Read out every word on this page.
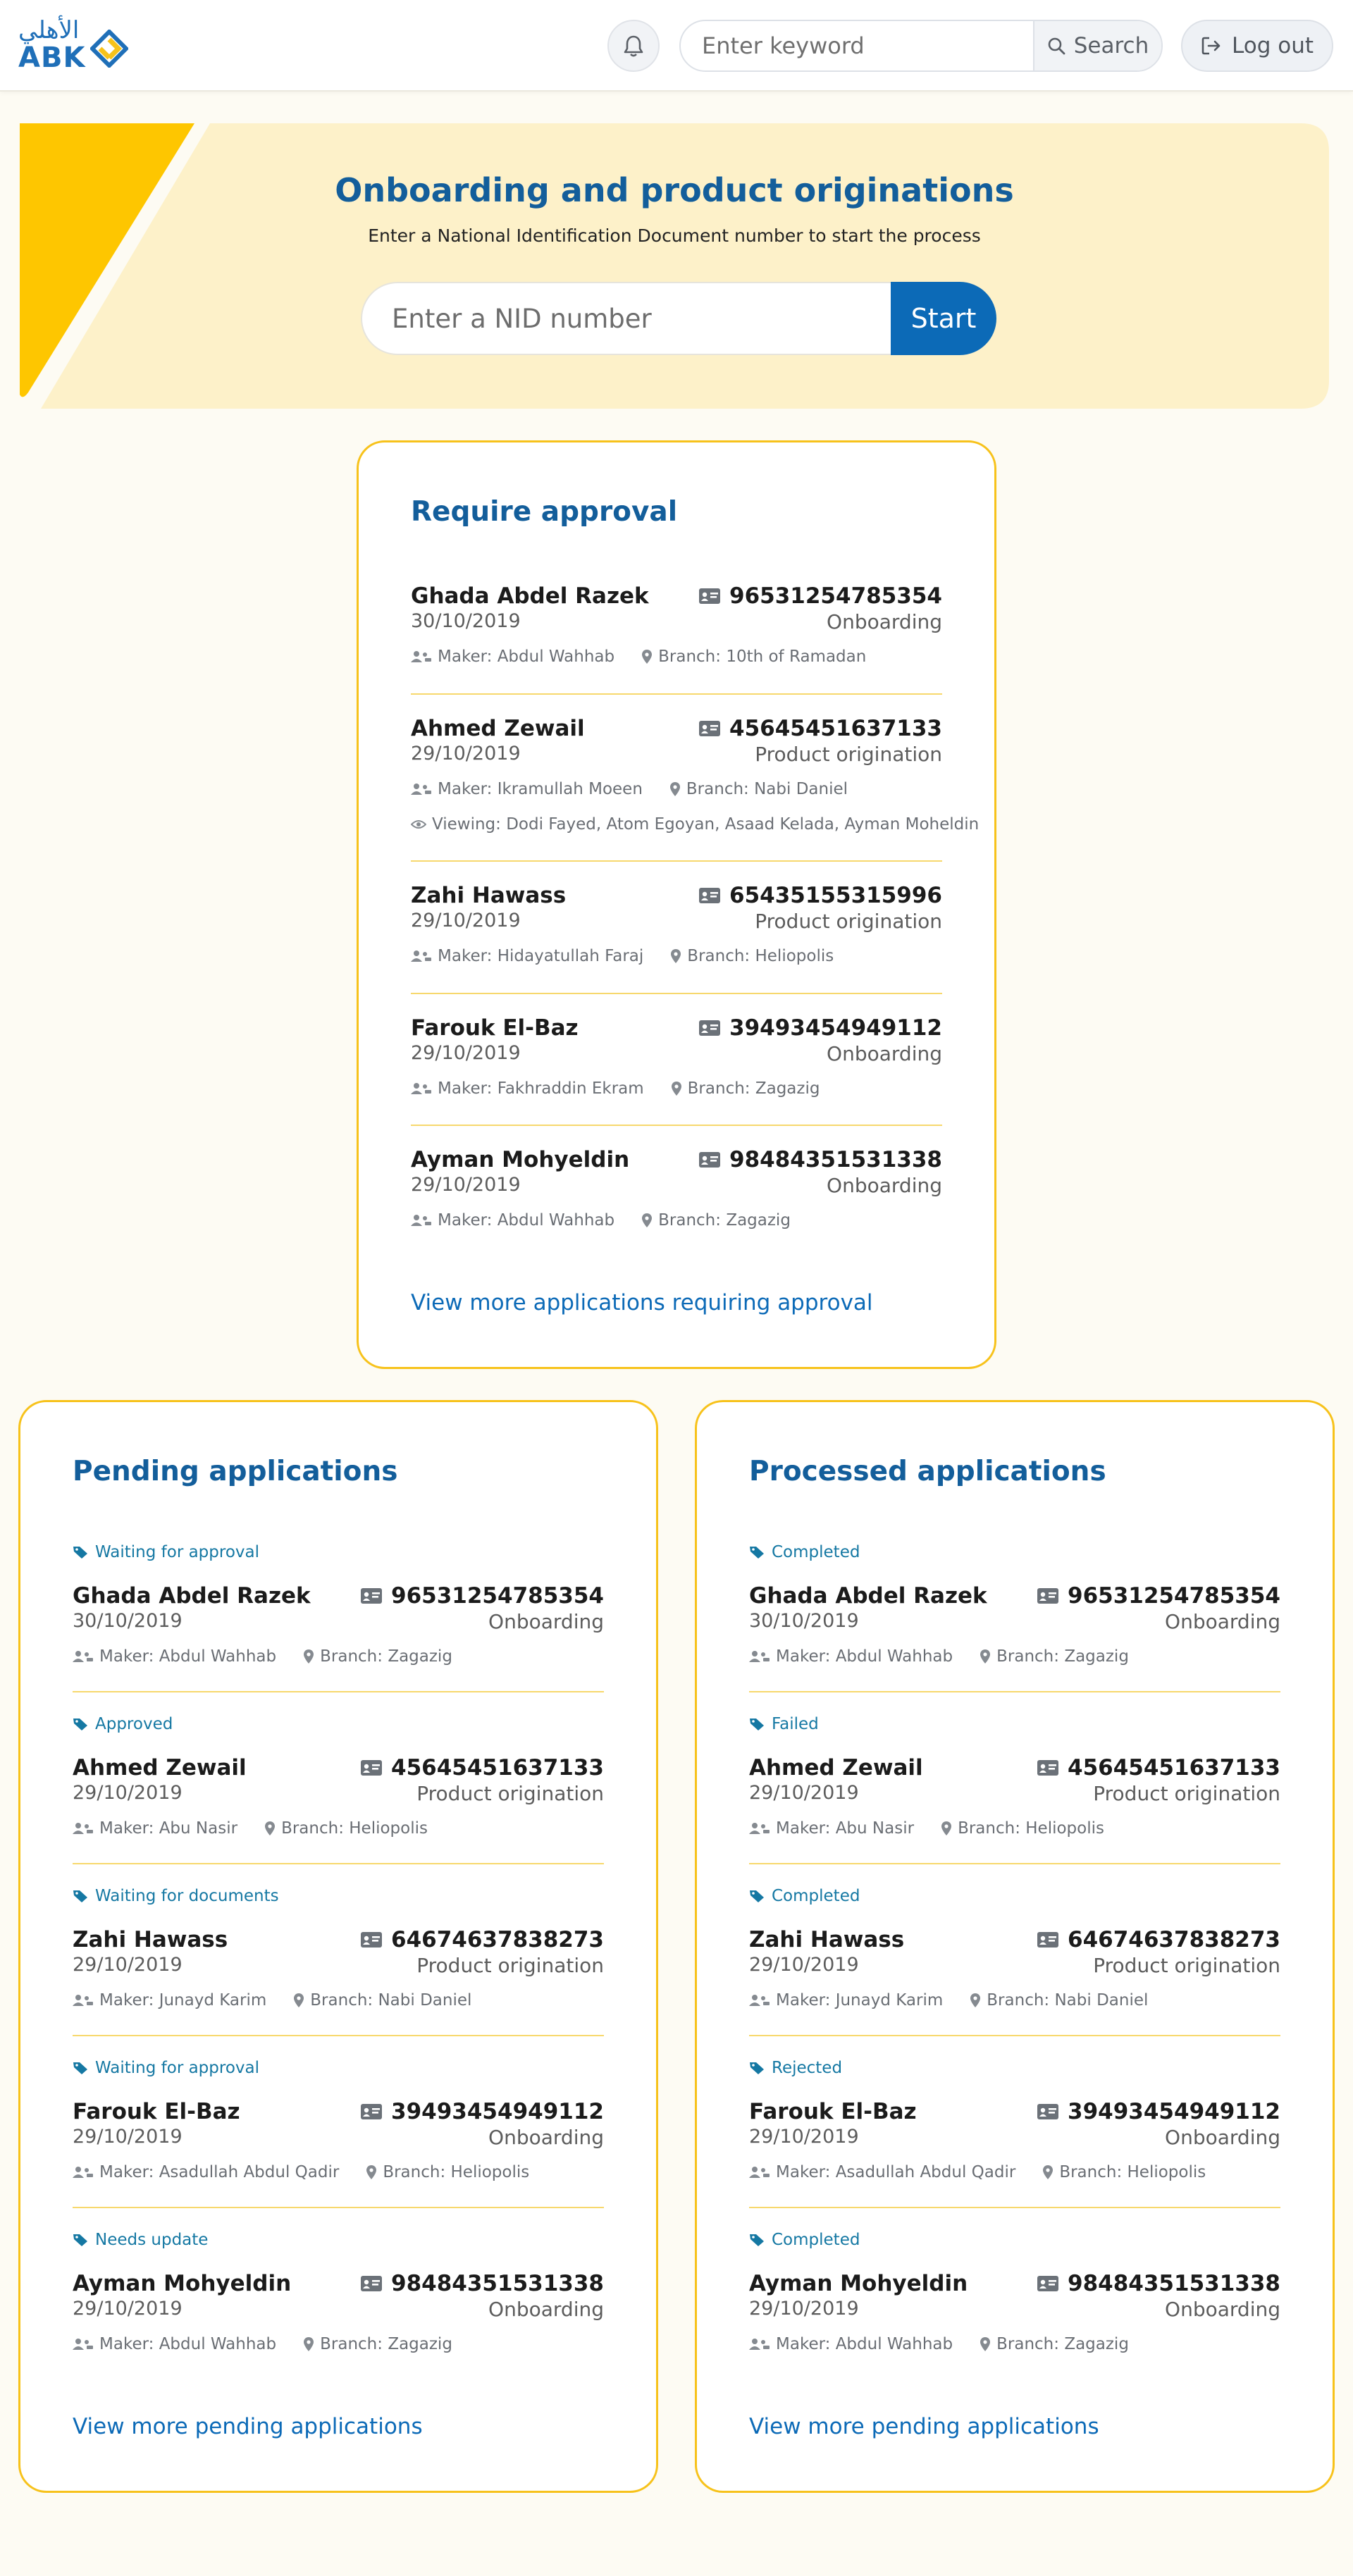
الأهلي
ABK
Enter keyword	Search	Log out
Onboarding and product originations
Enter a National Identification Document number to start the process
Enter a NID number
Start
Require approval
Ghada Abdel Razek	96531254785354
30/10/2019	Onboarding
Maker: Abdul Wahhab	Branch: 10th of Ramadan
Ahmed Zewail	45645451637133
29/10/2019	Product origination
Maker: Ikramullah Moeen	Branch: Nabi Daniel
Viewing: Dodi Fayed, Atom Egoyan, Asaad Kelada, Ayman Moheldin
Zahi Hawass	65435155315996
29/10/2019	Product origination
Maker: Hidayatullah Faraj	Branch: Heliopolis
Farouk El-Baz	39493454949112
29/10/2019	Onboarding
Maker: Fakhraddin Ekram	Branch: Zagazig
Ayman Mohyeldin	98484351531338
29/10/2019	Onboarding
Maker: Abdul Wahhab	Branch: Zagazig
View more applications requiring approval
Pending applications
Waiting for approval
Ghada Abdel Razek	96531254785354
30/10/2019	Onboarding
Maker: Abdul Wahhab	Branch: Zagazig
Approved
Ahmed Zewail	45645451637133
29/10/2019	Product origination
Maker: Abu Nasir	Branch: Heliopolis
Waiting for documents
Zahi Hawass	64674637838273
29/10/2019	Product origination
Maker: Junayd Karim	Branch: Nabi Daniel
Waiting for approval
Farouk El-Baz	39493454949112
29/10/2019	Onboarding
Maker: Asadullah Abdul Qadir	Branch: Heliopolis
Needs update
Ayman Mohyeldin	98484351531338
29/10/2019	Onboarding
Maker: Abdul Wahhab	Branch: Zagazig
View more pending applications
Processed applications
Completed
Ghada Abdel Razek	96531254785354
30/10/2019	Onboarding
Maker: Abdul Wahhab	Branch: Zagazig
Failed
Ahmed Zewail	45645451637133
29/10/2019	Product origination
Maker: Abu Nasir	Branch: Heliopolis
Completed
Zahi Hawass	64674637838273
29/10/2019	Product origination
Maker: Junayd Karim	Branch: Nabi Daniel
Rejected
Farouk El-Baz	39493454949112
29/10/2019	Onboarding
Maker: Asadullah Abdul Qadir	Branch: Heliopolis
Completed
Ayman Mohyeldin	98484351531338
29/10/2019	Onboarding
Maker: Abdul Wahhab	Branch: Zagazig
View more pending applications
